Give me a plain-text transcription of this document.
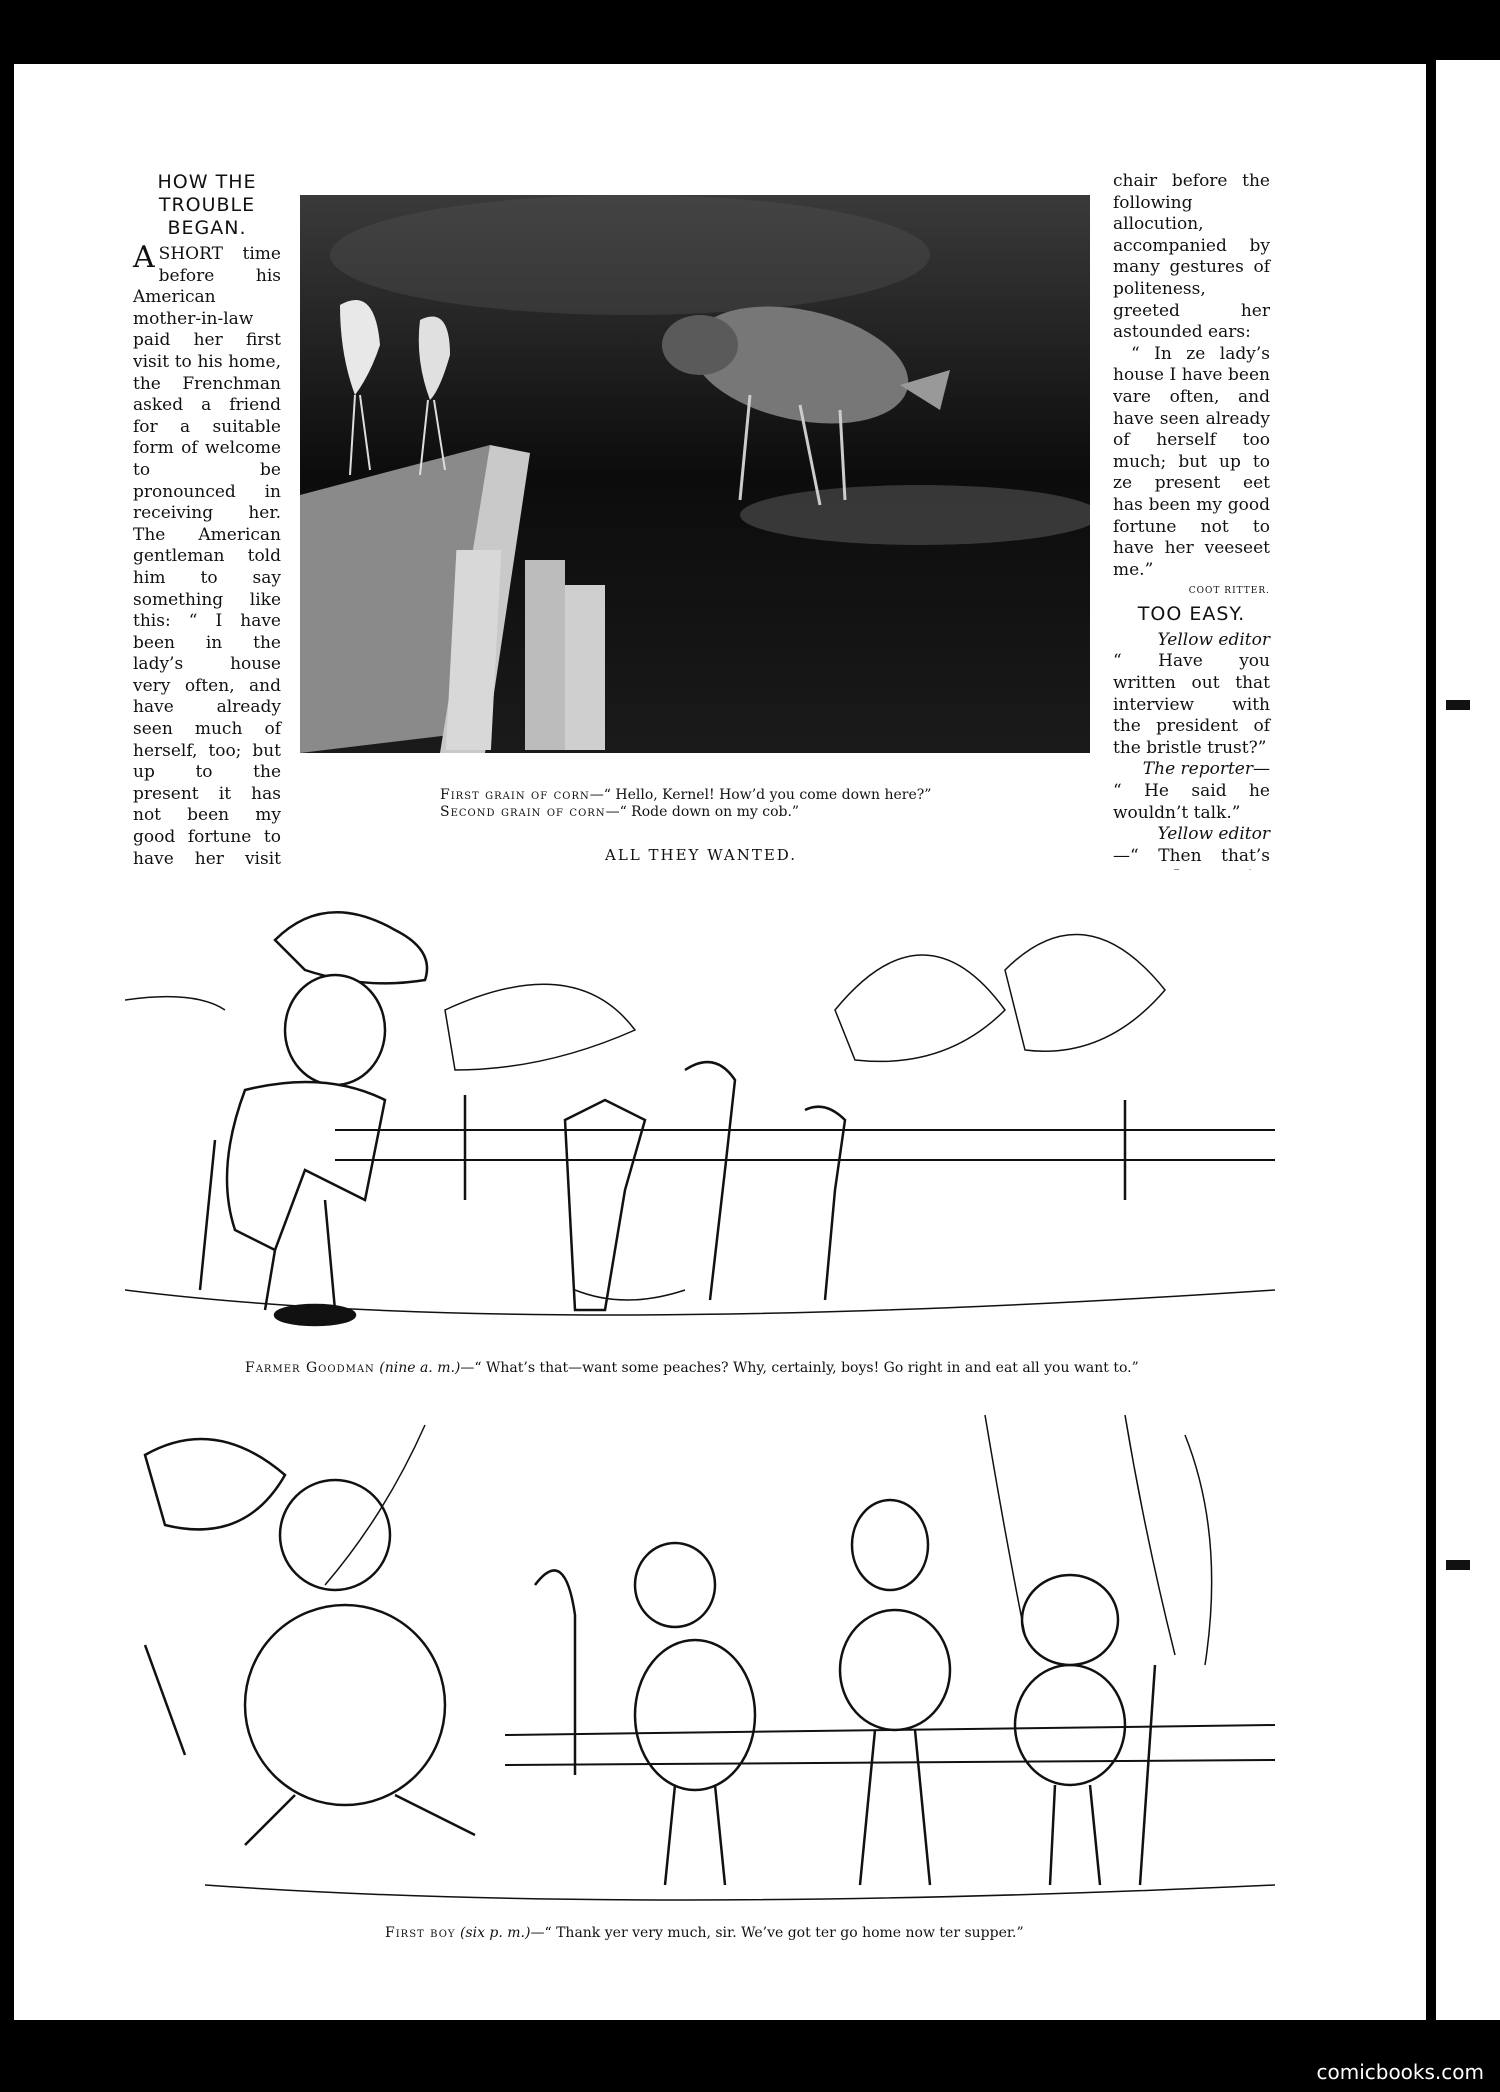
HOW THE TROUBLE BEGAN.

ASHORT time before his American mother-in-law paid her first visit to his home, the Frenchman asked a friend for a suitable form of welcome to be pronounced in receiving her. The American gentleman told him to say something like this: “ I have been in the lady’s house very often, and have already seen much of herself, too; but up to the present it has not been my good fortune to have her visit

First grain of corn—“ Hello, Kernel! How’d you come down here?”
Second grain of corn—“ Rode down on my cob.”

chair before the following allocution, accompanied by many gestures of politeness, greeted her astounded ears:

“ In ze lady’s house I have been vare often, and have seen already of herself too much; but up to ze present eet has been my good fortune not to have her veeseet me.”

COOT RITTER.

TOO EASY.

Yellow editor

“ Have you written out that interview with the president of the bristle trust?”

The reporter—

“ He said he wouldn’t talk.”

Yellow editor

—“ Then that’s

ALL THEY WANTED.
Farmer Goodman (nine a. m.)—“ What’s that—want some peaches? Why, certainly, boys! Go right in and eat all you want to.”
First boy (six p. m.)—“ Thank yer very much, sir. We’ve got ter go home now ter supper.”
comicbooks.com
